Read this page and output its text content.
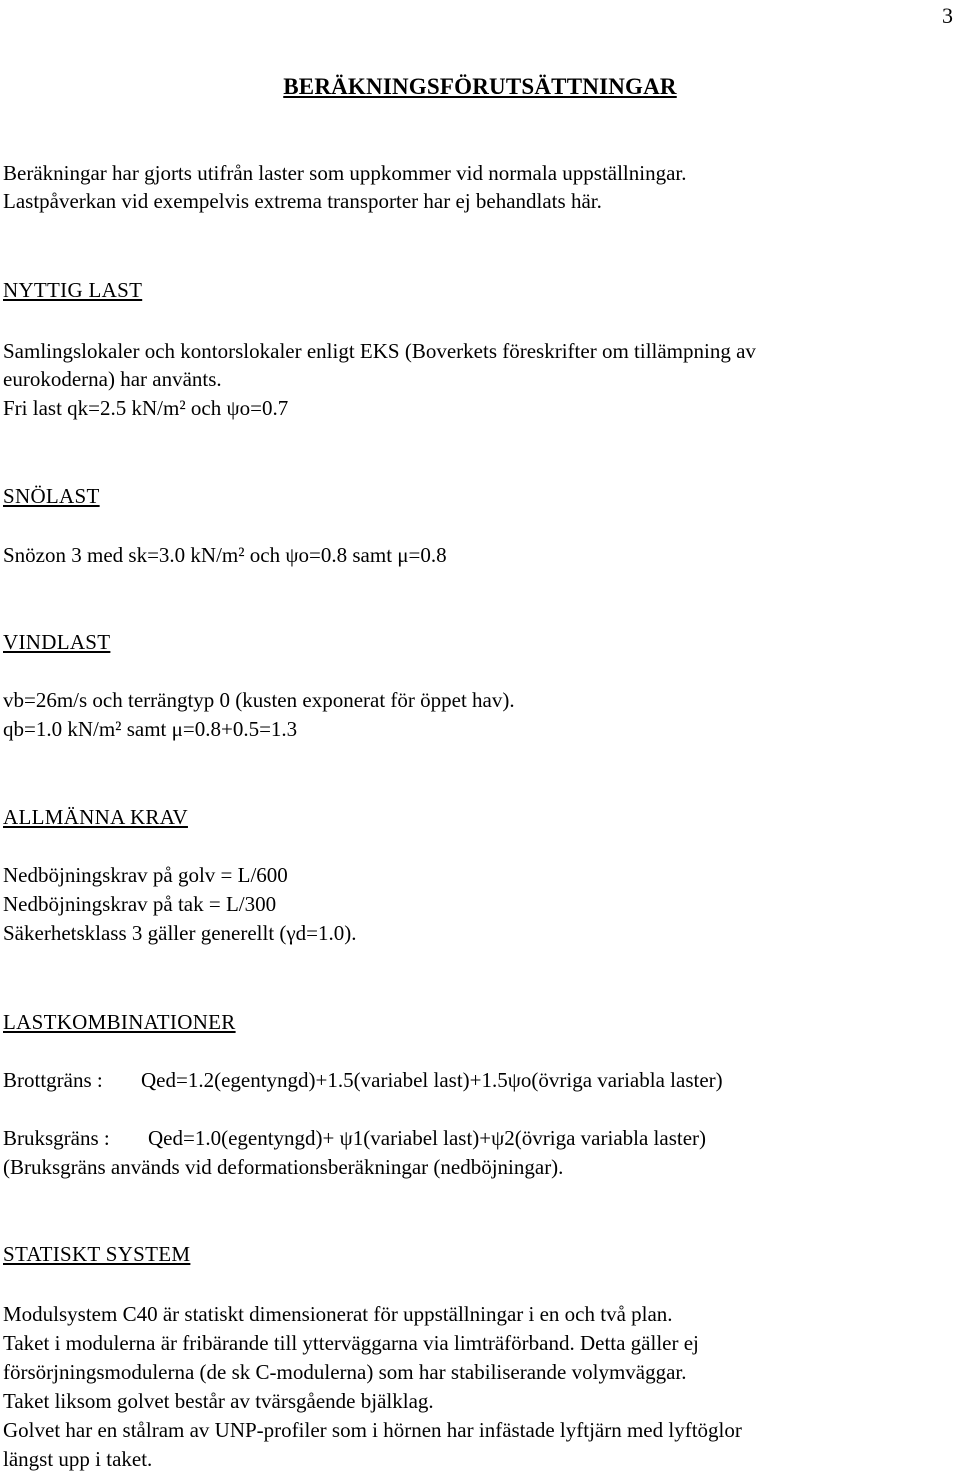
3
BERÄKNINGSFÖRUTSÄTTNINGAR
Beräkningar har gjorts utifrån laster som uppkommer vid normala uppställningar.
Lastpåverkan vid exempelvis extrema transporter har ej behandlats här.
NYTTIG LAST
Samlingslokaler och kontorslokaler enligt EKS (Boverkets föreskrifter om tillämpning av
eurokoderna) har använts.
Fri last qk=2.5 kN/m² och ψo=0.7
SNÖLAST
Snözon 3 med sk=3.0 kN/m² och ψo=0.8 samt μ=0.8
VINDLAST
vb=26m/s och terrängtyp 0 (kusten exponerat för öppet hav).
qb=1.0 kN/m² samt μ=0.8+0.5=1.3
ALLMÄNNA KRAV
Nedböjningskrav på golv = L/600
Nedböjningskrav på tak = L/300
Säkerhetsklass 3 gäller generellt (γd=1.0).
LASTKOMBINATIONER
Brottgräns : Qed=1.2(egentyngd)+1.5(variabel last)+1.5ψo(övriga variabla laster)
Bruksgräns : Qed=1.0(egentyngd)+ ψ1(variabel last)+ψ2(övriga variabla laster)
(Bruksgräns används vid deformationsberäkningar (nedböjningar).
STATISKT SYSTEM
Modulsystem C40 är statiskt dimensionerat för uppställningar i en och två plan.
Taket i modulerna är fribärande till ytterväggarna via limträförband. Detta gäller ej
försörjningsmodulerna (de sk C-modulerna) som har stabiliserande volymväggar.
Taket liksom golvet består av tvärsgående bjälklag.
Golvet har en stålram av UNP-profiler som i hörnen har infästade lyftjärn med lyftöglor
längst upp i taket.
